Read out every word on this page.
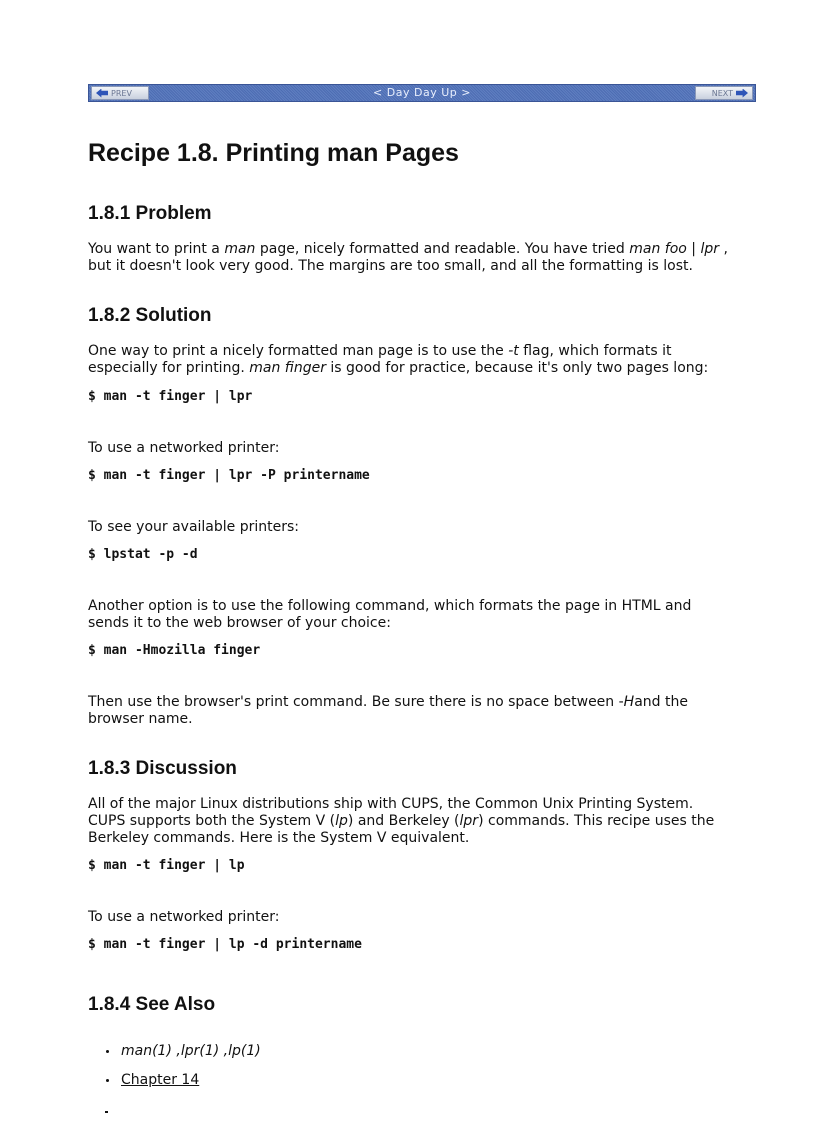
< Day Day Up >
PREV	NEXT
Recipe 1.8. Printing man Pages
1.8.1 Problem

You want to print a man page, nicely formatted and readable. You have tried man foo | lpr ,
but it doesn't look very good. The margins are too small, and all the formatting is lost.

1.8.2 Solution

One way to print a nicely formatted man page is to use the -t flag, which formats it
especially for printing. man finger is good for practice, because it's only two pages long:

$ man -t finger | lpr

To use a networked printer:

$ man -t finger | lpr -P printername

To see your available printers:

$ lpstat -p -d

Another option is to use the following command, which formats the page in HTML and
sends it to the web browser of your choice:

$ man -Hmozilla finger

Then use the browser's print command. Be sure there is no space between -Hand the
browser name.

1.8.3 Discussion

All of the major Linux distributions ship with CUPS, the Common Unix Printing System.
CUPS supports both the System V (lp) and Berkeley (lpr) commands. This recipe uses the
Berkeley commands. Here is the System V equivalent.

$ man -t finger | lp

To use a networked printer:

$ man -t finger | lp -d printername
1.8.4 See Also
man(1) ,lpr(1) ,lp(1)
Chapter 14
